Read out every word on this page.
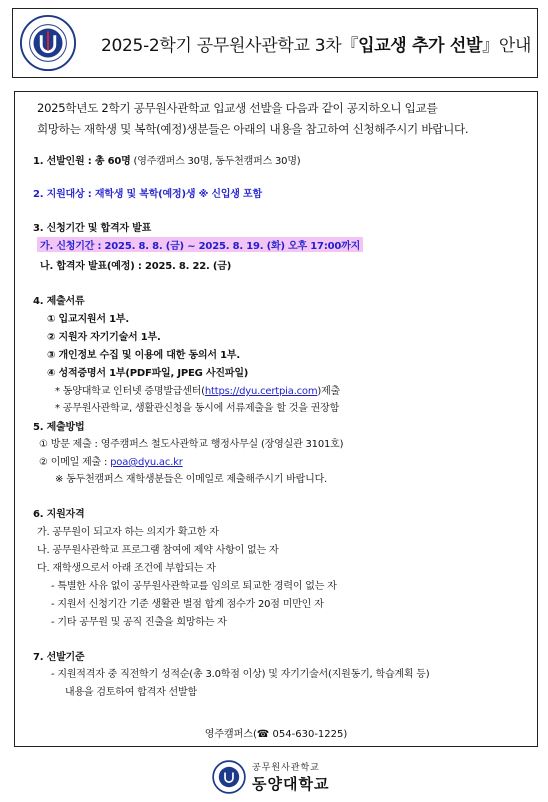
2025-2학기 공무원사관학교 3차『입교생 추가 선발』안내
2025학년도 2학기 공무원사관학교 입교생 선발을 다음과 같이 공지하오니 입교를
희망하는 재학생 및 복학(예정)생분들은 아래의 내용을 참고하여 신청해주시기 바랍니다.
1. 선발인원 : 총 60명 (영주캠퍼스 30명, 동두천캠퍼스 30명)
2. 지원대상 : 재학생 및 복학(예정)생 ※ 신입생 포함
3. 신청기간 및 합격자 발표
가. 신청기간 : 2025. 8. 8. (금) ~ 2025. 8. 19. (화) 오후 17:00까지
나. 합격자 발표(예정) : 2025. 8. 22. (금)
4. 제출서류
① 입교지원서 1부.
② 지원자 자기기술서 1부.
③ 개인정보 수집 및 이용에 대한 동의서 1부.
④ 성적증명서 1부(PDF파일, JPEG 사진파일)
* 동양대학교 인터넷 증명발급센터(https://dyu.certpia.com)제출
* 공무원사관학교, 생활관신청을 동시에 서류제출을 할 것을 권장함
5. 제출방법
① 방문 제출 : 영주캠퍼스 철도사관학교 행정사무실 (장영실관 3101호)
② 이메일 제출 : poa@dyu.ac.kr
※ 동두천캠퍼스 재학생분들은 이메일로 제출해주시기 바랍니다.
6. 지원자격
가. 공무원이 되고자 하는 의지가 확고한 자
나. 공무원사관학교 프로그램 참여에 제약 사항이 없는 자
다. 재학생으로서 아래 조건에 부합되는 자
- 특별한 사유 없이 공무원사관학교를 임의로 퇴교한 경력이 없는 자
- 지원서 신청기간 기준 생활관 벌점 합계 점수가 20점 미만인 자
- 기타 공무원 및 공직 진출을 희망하는 자
7. 선발기준
- 지원적격자 중 직전학기 성적순(총 3.0학점 이상) 및 자기기술서(지원동기, 학습계획 등)
내용을 검토하여 합격자 선발함
영주캠퍼스(☎ 054-630-1225)
공무원사관학교
동양대학교
